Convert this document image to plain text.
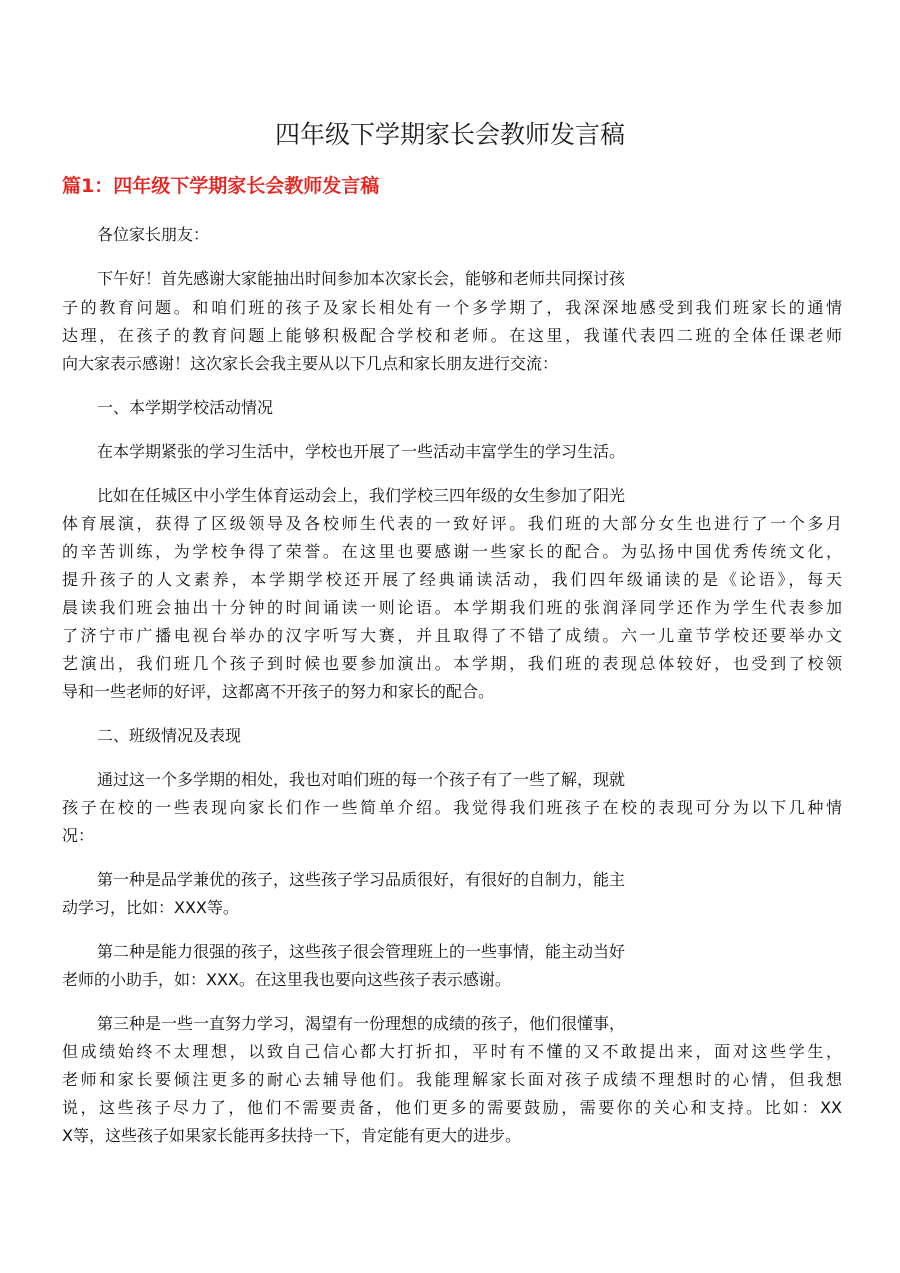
四年级下学期家长会教师发言稿
篇1：四年级下学期家长会教师发言稿
各位家长朋友：
下午好！首先感谢大家能抽出时间参加本次家长会，能够和老师共同探讨孩
子的教育问题。和咱们班的孩子及家长相处有一个多学期了，我深深地感受到我们班家长的通情
达理，在孩子的教育问题上能够积极配合学校和老师。在这里，我谨代表四二班的全体任课老师
向大家表示感谢！这次家长会我主要从以下几点和家长朋友进行交流：
一、本学期学校活动情况
在本学期紧张的学习生活中，学校也开展了一些活动丰富学生的学习生活。
比如在任城区中小学生体育运动会上，我们学校三四年级的女生参加了阳光
体育展演，获得了区级领导及各校师生代表的一致好评。我们班的大部分女生也进行了一个多月
的辛苦训练，为学校争得了荣誉。在这里也要感谢一些家长的配合。为弘扬中国优秀传统文化，
提升孩子的人文素养，本学期学校还开展了经典诵读活动，我们四年级诵读的是《论语》，每天
晨读我们班会抽出十分钟的时间诵读一则论语。本学期我们班的张润泽同学还作为学生代表参加
了济宁市广播电视台举办的汉字听写大赛，并且取得了不错了成绩。六一儿童节学校还要举办文
艺演出，我们班几个孩子到时候也要参加演出。本学期，我们班的表现总体较好，也受到了校领
导和一些老师的好评，这都离不开孩子的努力和家长的配合。
二、班级情况及表现
通过这一个多学期的相处，我也对咱们班的每一个孩子有了一些了解，现就
孩子在校的一些表现向家长们作一些简单介绍。我觉得我们班孩子在校的表现可分为以下几种情
况：
第一种是品学兼优的孩子，这些孩子学习品质很好，有很好的自制力，能主
动学习，比如：XXX等。
第二种是能力很强的孩子，这些孩子很会管理班上的一些事情，能主动当好
老师的小助手，如：XXX。在这里我也要向这些孩子表示感谢。
第三种是一些一直努力学习，渴望有一份理想的成绩的孩子，他们很懂事，
但成绩始终不太理想，以致自己信心都大打折扣，平时有不懂的又不敢提出来，面对这些学生，
老师和家长要倾注更多的耐心去辅导他们。我能理解家长面对孩子成绩不理想时的心情，但我想
说，这些孩子尽力了，他们不需要责备，他们更多的需要鼓励，需要你的关心和支持。比如：XX
X等，这些孩子如果家长能再多扶持一下，肯定能有更大的进步。
